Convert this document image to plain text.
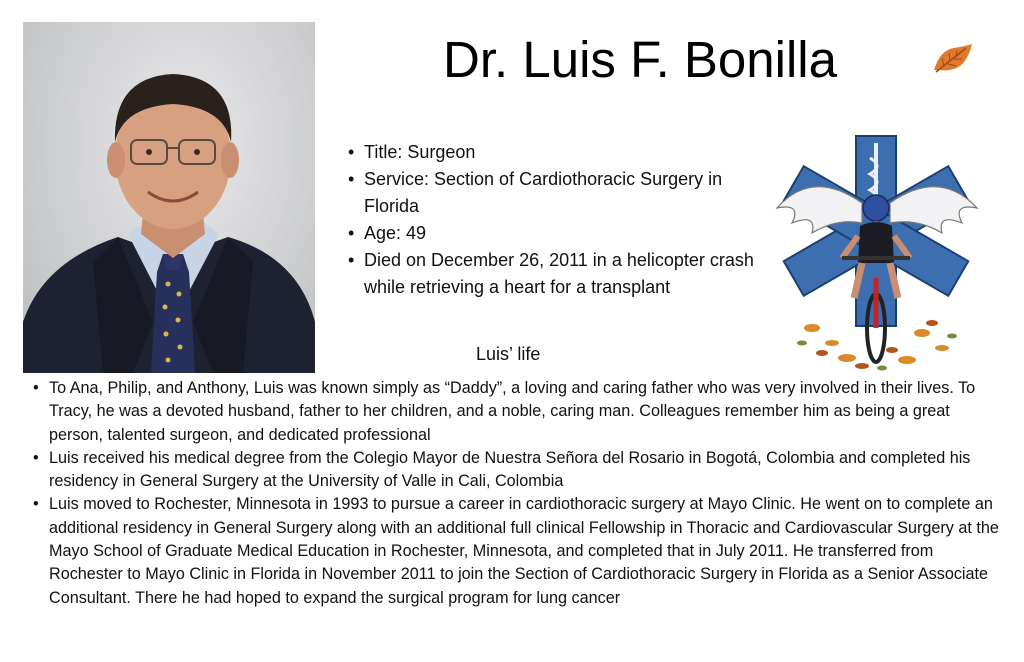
Dr. Luis F. Bonilla
• Title: Surgeon
• Service: Section of Cardiothoracic Surgery in Florida
• Age: 49
• Died on December 26, 2011 in a helicopter crash while retrieving a heart for a transplant
Luis’ life
• To Ana, Philip, and Anthony, Luis was known simply as “Daddy”, a loving and caring father who was very involved in their lives. To Tracy, he was a devoted husband, father to her children, and a noble, caring man. Colleagues remember him as being a great person, talented surgeon, and dedicated professional
• Luis received his medical degree from the Colegio Mayor de Nuestra Señora del Rosario in Bogotá, Colombia and completed his residency in General Surgery at the University of Valle in Cali, Colombia
• Luis moved to Rochester, Minnesota in 1993 to pursue a career in cardiothoracic surgery at Mayo Clinic. He went on to complete an additional residency in General Surgery along with an additional full clinical Fellowship in Thoracic and Cardiovascular Surgery at the Mayo School of Graduate Medical Education in Rochester, Minnesota, and completed that in July 2011. He transferred from Rochester to Mayo Clinic in Florida in November 2011 to join the Section of Cardiothoracic Surgery in Florida as a Senior Associate Consultant. There he had hoped to expand the surgical program for lung cancer
